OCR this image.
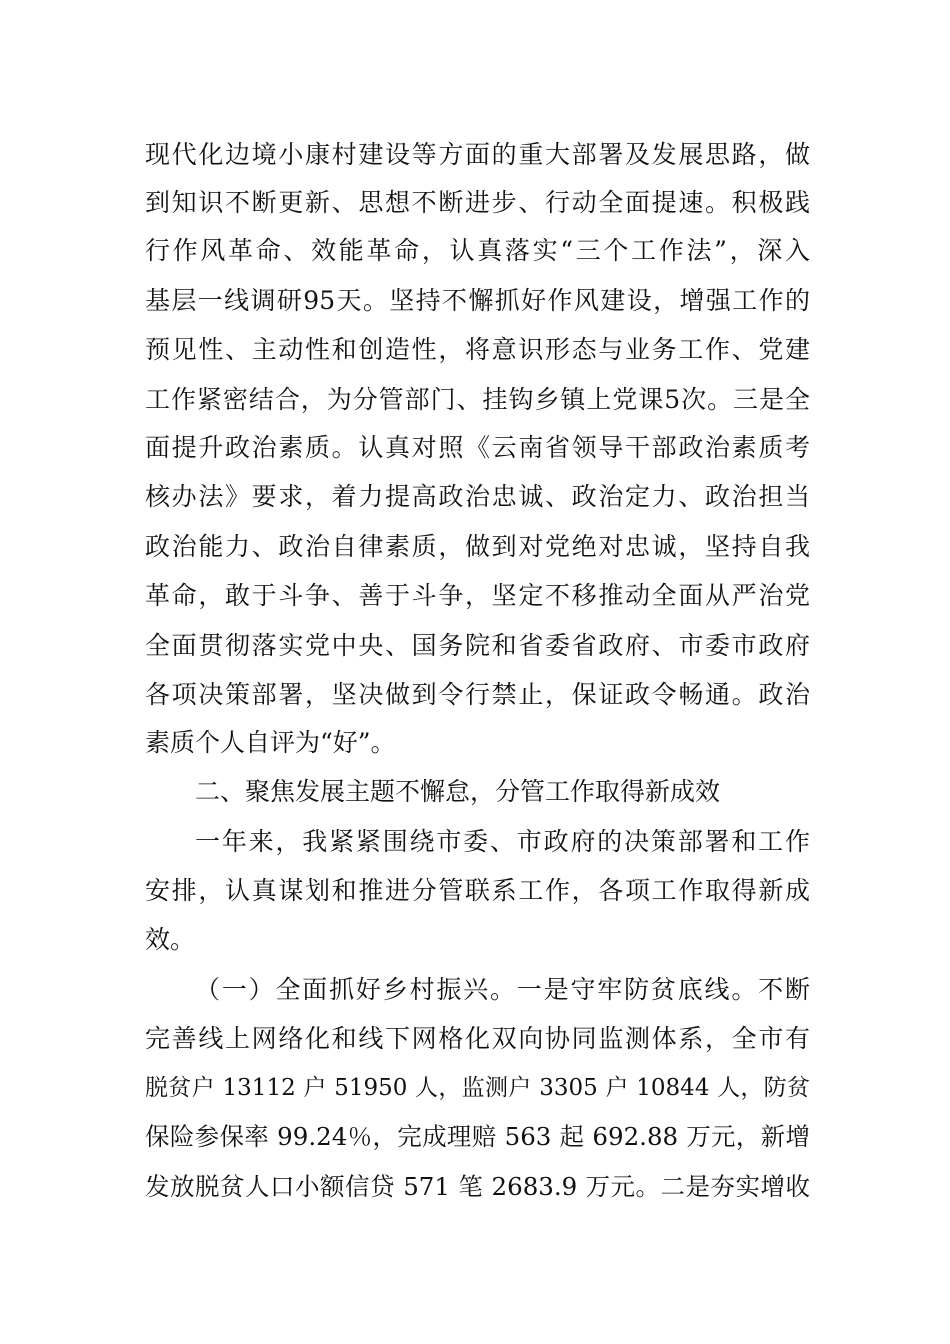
现代化边境小康村建设等方面的重大部署及发展思路，做
到知识不断更新、思想不断进步、行动全面提速。积极践
行作风革命、效能革命，认真落实“三个工作法”，深入
基层一线调研95天。坚持不懈抓好作风建设，增强工作的
预见性、主动性和创造性，将意识形态与业务工作、党建
工作紧密结合，为分管部门、挂钩乡镇上党课5次。三是全
面提升政治素质。认真对照《云南省领导干部政治素质考
核办法》要求，着力提高政治忠诚、政治定力、政治担当
政治能力、政治自律素质，做到对党绝对忠诚，坚持自我
革命，敢于斗争、善于斗争，坚定不移推动全面从严治党
全面贯彻落实党中央、国务院和省委省政府、市委市政府
各项决策部署，坚决做到令行禁止，保证政令畅通。政治
素质个人自评为“好”。
二、聚焦发展主题不懈怠，分管工作取得新成效
一年来，我紧紧围绕市委、市政府的决策部署和工作
安排，认真谋划和推进分管联系工作，各项工作取得新成
效。
（一）全面抓好乡村振兴。一是守牢防贫底线。不断
完善线上网络化和线下网格化双向协同监测体系，全市有
脱贫户 13112 户 51950 人，监测户 3305 户 10844 人，防贫
保险参保率 99.24％，完成理赔 563 起 692.88 万元，新增
发放脱贫人口小额信贷 571 笔 2683.9 万元。二是夯实增收
